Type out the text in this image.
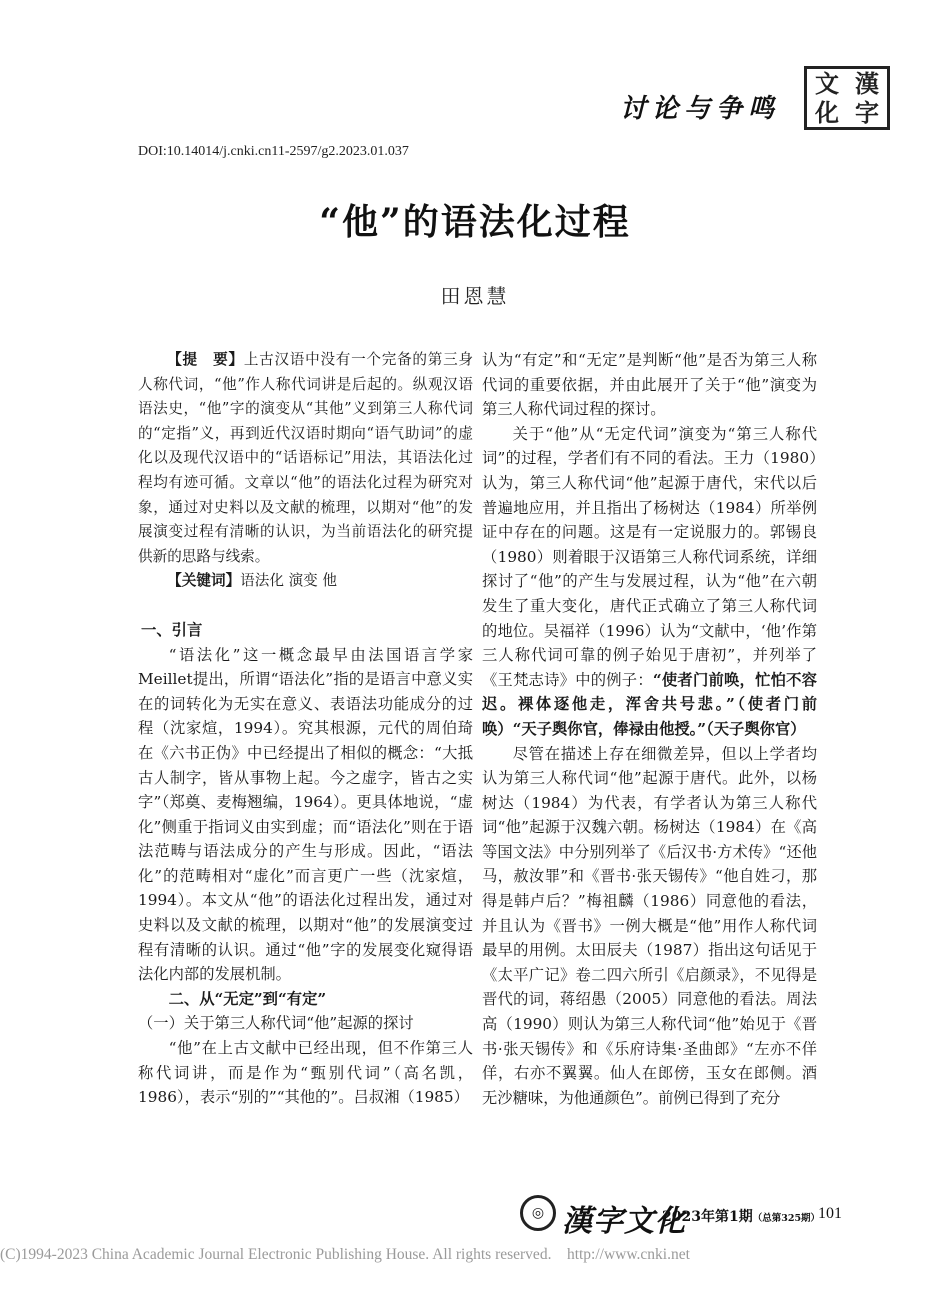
讨论与争鸣
文 漢
化 字
DOI:10.14014/j.cnki.cn11-2597/g2.2023.01.037
“他”的语法化过程
田恩慧

【提　要】上古汉语中没有一个完备的第三身人称代词，“他”作人称代词讲是后起的。纵观汉语语法史，“他”字的演变从“其他”义到第三人称代词的“定指”义，再到近代汉语时期向“语气助词”的虚化以及现代汉语中的“话语标记”用法，其语法化过程均有迹可循。文章以“他”的语法化过程为研究对象，通过对史料以及文献的梳理，以期对“他”的发展演变过程有清晰的认识，为当前语法化的研究提供新的思路与线索。

【关键词】语法化 演变 他

一、引言

“语法化”这一概念最早由法国语言学家Meillet提出，所谓“语法化”指的是语言中意义实在的词转化为无实在意义、表语法功能成分的过程（沈家煊，1994）。究其根源，元代的周伯琦在《六书正伪》中已经提出了相似的概念：“大抵古人制字，皆从事物上起。今之虚字，皆古之实字”（郑奠、麦梅翘编，1964）。更具体地说，“虚化”侧重于指词义由实到虚；而“语法化”则在于语法范畴与语法成分的产生与形成。因此，“语法化”的范畴相对“虚化”而言更广一些（沈家煊，1994）。本文从“他”的语法化过程出发，通过对史料以及文献的梳理，以期对“他”的发展演变过程有清晰的认识。通过“他”字的发展变化窥得语法化内部的发展机制。

二、从“无定”到“有定”

（一）关于第三人称代词“他”起源的探讨

“他”在上古文献中已经出现，但不作第三人称代词讲，而是作为“甄别代词”（高名凯，1986），表示“别的”“其他的”。吕叔湘（1985）

认为“有定”和“无定”是判断“他”是否为第三人称代词的重要依据，并由此展开了关于“他”演变为第三人称代词过程的探讨。

关于“他”从“无定代词”演变为“第三人称代词”的过程，学者们有不同的看法。王力（1980）认为，第三人称代词“他”起源于唐代，宋代以后普遍地应用，并且指出了杨树达（1984）所举例证中存在的问题。这是有一定说服力的。郭锡良（1980）则着眼于汉语第三人称代词系统，详细探讨了“他”的产生与发展过程，认为“他”在六朝发生了重大变化，唐代正式确立了第三人称代词的地位。吴福祥（1996）认为“文献中，‘他’作第三人称代词可靠的例子始见于唐初”，并列举了《王梵志诗》中的例子：“使者门前唤，忙怕不容迟。裸体逐他走，浑舍共号悲。”（使者门前唤）“天子舆你官，俸禄由他授。”（天子舆你官）

尽管在描述上存在细微差异，但以上学者均认为第三人称代词“他”起源于唐代。此外，以杨树达（1984）为代表，有学者认为第三人称代词“他”起源于汉魏六朝。杨树达（1984）在《高等国文法》中分别列举了《后汉书·方术传》“还他马，赦汝罪”和《晋书·张天锡传》“他自姓刁，那得是韩卢后？”梅祖麟（1986）同意他的看法，并且认为《晋书》一例大概是“他”用作人称代词最早的用例。太田辰夫（1987）指出这句话见于《太平广记》卷二四六所引《启颜录》，不见得是晋代的词，蒋绍愚（2005）同意他的看法。周法高（1990）则认为第三人称代词“他”始见于《晋书·张天锡传》和《乐府诗集·圣曲郎》“左亦不佯佯，右亦不翼翼。仙人在郎傍，玉女在郎侧。酒无沙糖味，为他通颜色”。前例已得到了充分

◎ 漢字文化
2023年第1期（总第325期）
101
(C)1994-2023 China Academic Journal Electronic Publishing House. All rights reserved.　http://www.cnki.net
